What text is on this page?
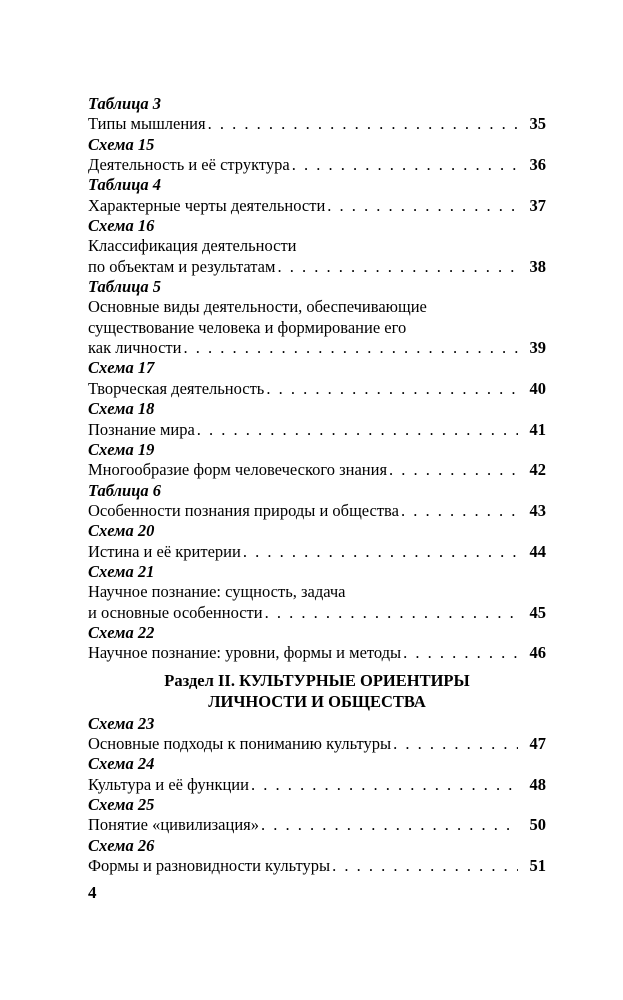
Таблица 3
Типы мышления . . .	35
Схема 15
Деятельность и её структура . . .	36
Таблица 4
Характерные черты деятельности . . .	37
Схема 16
Классификация деятельности
по объектам и результатам . . .	38
Таблица 5
Основные виды деятельности, обеспечивающие
существование человека и формирование его
как личности . . .	39
Схема 17
Творческая деятельность . . .	40
Схема 18
Познание мира . . .	41
Схема 19
Многообразие форм человеческого знания . . .	42
Таблица 6
Особенности познания природы и общества . . .	43
Схема 20
Истина и её критерии . . .	44
Схема 21
Научное познание: сущность, задача
и основные особенности . . .	45
Схема 22
Научное познание: уровни, формы и методы . . .	46
Раздел II. КУЛЬТУРНЫЕ ОРИЕНТИРЫ
ЛИЧНОСТИ И ОБЩЕСТВА
Схема 23
Основные подходы к пониманию культуры . . .	47
Схема 24
Культура и её функции . . .	48
Схема 25
Понятие «цивилизация» . . .	50
Схема 26
Формы и разновидности культуры . . .	51
4
